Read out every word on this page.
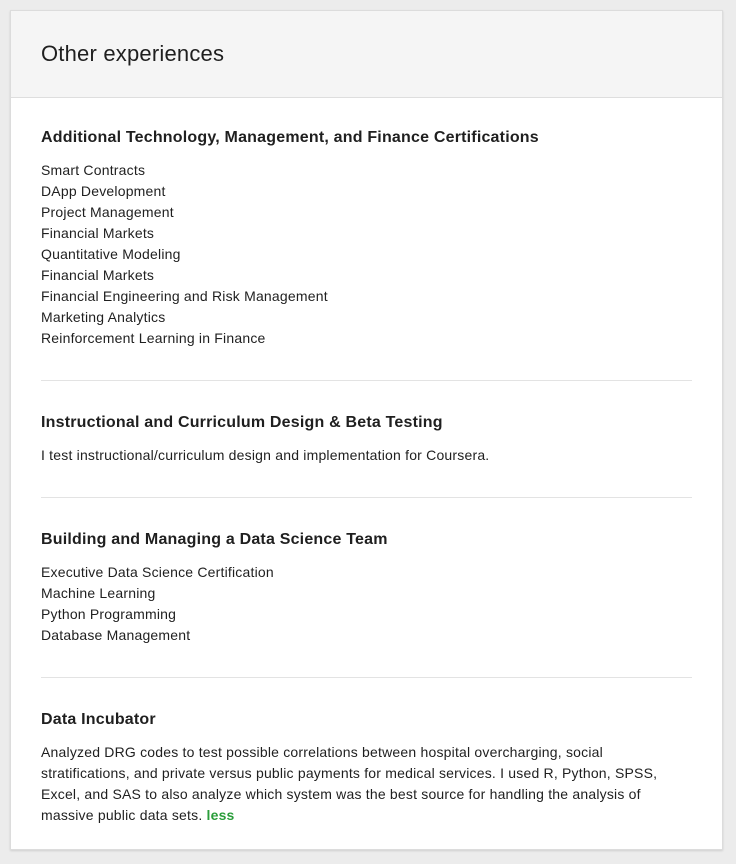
Other experiences
Additional Technology, Management, and Finance Certifications
Smart Contracts
DApp Development
Project Management
Financial Markets
Quantitative Modeling
Financial Markets
Financial Engineering and Risk Management
Marketing Analytics
Reinforcement Learning in Finance
Instructional and Curriculum Design & Beta Testing

I test instructional/curriculum design and implementation for Coursera.

Building and Managing a Data Science Team
Executive Data Science Certification
Machine Learning
Python Programming
Database Management
Data Incubator

Analyzed DRG codes to test possible correlations between hospital overcharging, social stratifications, and private versus public payments for medical services. I used R, Python, SPSS, Excel, and SAS to also analyze which system was the best source for handling the analysis of massive public data sets. less
